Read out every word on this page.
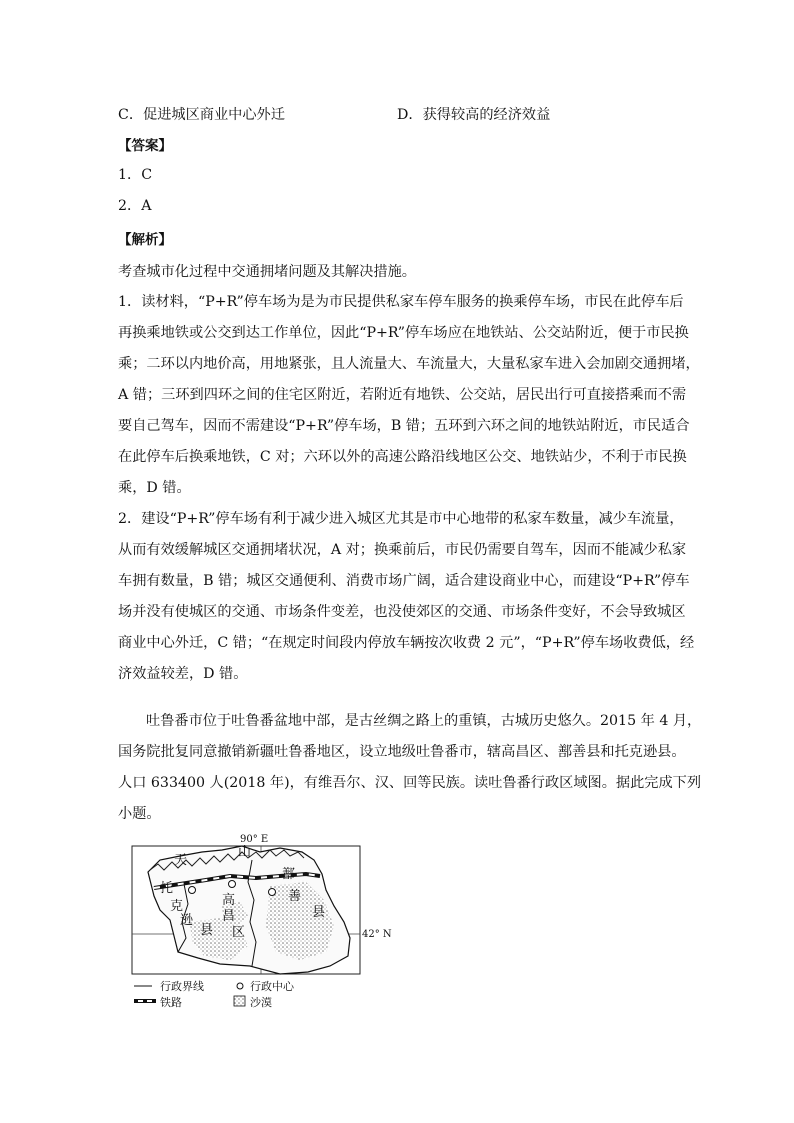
C．促进城区商业中心外迁	D．获得较高的经济效益
【答案】
1．C
2．A
【解析】
考查城市化过程中交通拥堵问题及其解决措施。
1．读材料，“P+R”停车场为是为市民提供私家车停车服务的换乘停车场，市民在此停车后
再换乘地铁或公交到达工作单位，因此“P+R”停车场应在地铁站、公交站附近，便于市民换
乘；二环以内地价高，用地紧张，且人流量大、车流量大，大量私家车进入会加剧交通拥堵，
A 错；三环到四环之间的住宅区附近，若附近有地铁、公交站，居民出行可直接搭乘而不需
要自己驾车，因而不需建设“P+R”停车场，B 错；五环到六环之间的地铁站附近，市民适合
在此停车后换乘地铁，C 对；六环以外的高速公路沿线地区公交、地铁站少，不利于市民换
乘，D 错。
2．建设“P+R”停车场有利于减少进入城区尤其是市中心地带的私家车数量，减少车流量，
从而有效缓解城区交通拥堵状况，A 对；换乘前后，市民仍需要自驾车，因而不能减少私家
车拥有数量，B 错；城区交通便利、消费市场广阔，适合建设商业中心，而建设“P+R”停车
场并没有使城区的交通、市场条件变差，也没使郊区的交通、市场条件变好，不会导致城区
商业中心外迁，C 错；“在规定时间段内停放车辆按次收费 2 元”，“P+R”停车场收费低，经
济效益较差，D 错。
吐鲁番市位于吐鲁番盆地中部，是古丝绸之路上的重镇，古城历史悠久。2015 年 4 月，
国务院批复同意撤销新疆吐鲁番地区，设立地级吐鲁番市，辖高昌区、鄯善县和托克逊县。
人口 633400 人(2018 年)，有维吾尔、汉、回等民族。读吐鲁番行政区域图。据此完成下列
小题。
90° E
42° N
天
山
托
克
逊
县
高
昌
区
鄯
善
县
行政界线	行政中心
铁路	沙漠
